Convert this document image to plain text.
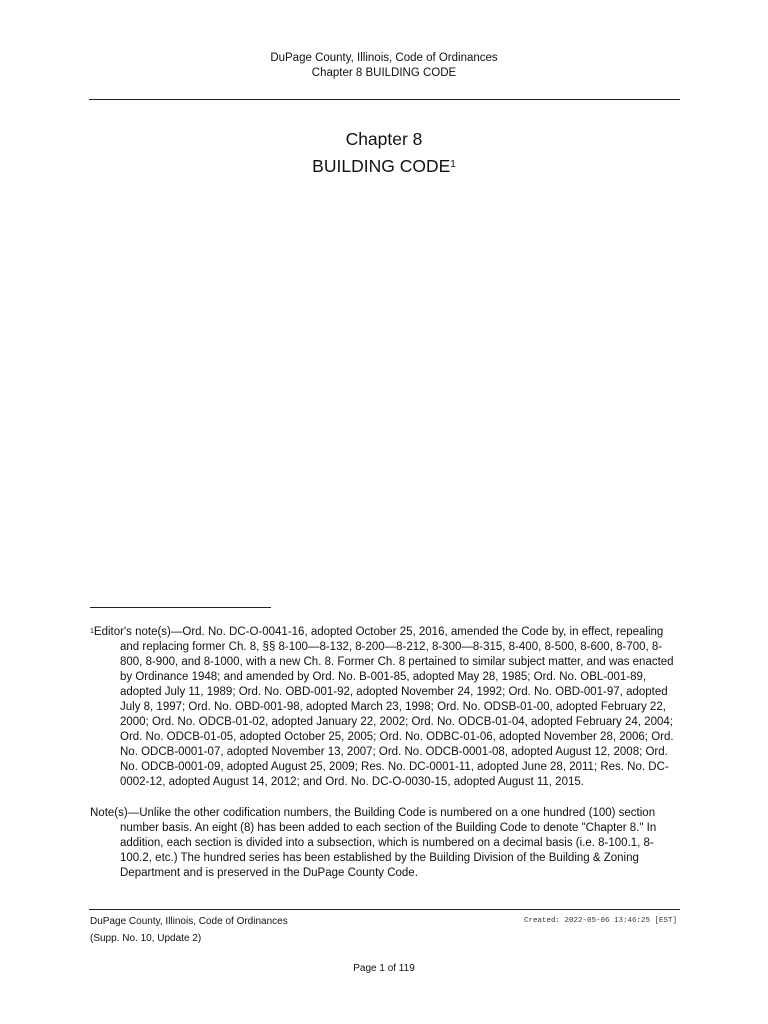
DuPage County, Illinois, Code of Ordinances
Chapter 8 BUILDING CODE
Chapter 8
BUILDING CODE$^1$

$^1$Editor's note(s)—Ord. No. DC-O-0041-16, adopted October 25, 2016, amended the Code by, in effect, repealing and replacing former Ch. 8, §§ 8-100—8-132, 8-200—8-212, 8-300—8-315, 8-400, 8-500, 8-600, 8-700, 8-800, 8-900, and 8-1000, with a new Ch. 8. Former Ch. 8 pertained to similar subject matter, and was enacted by Ordinance 1948; and amended by Ord. No. B-001-85, adopted May 28, 1985; Ord. No. OBL-001-89, adopted July 11, 1989; Ord. No. OBD-001-92, adopted November 24, 1992; Ord. No. OBD-001-97, adopted July 8, 1997; Ord. No. OBD-001-98, adopted March 23, 1998; Ord. No. ODSB-01-00, adopted February 22, 2000; Ord. No. ODCB-01-02, adopted January 22, 2002; Ord. No. ODCB-01-04, adopted February 24, 2004; Ord. No. ODCB-01-05, adopted October 25, 2005; Ord. No. ODBC-01-06, adopted November 28, 2006; Ord. No. ODCB-0001-07, adopted November 13, 2007; Ord. No. ODCB-0001-08, adopted August 12, 2008; Ord. No. ODCB-0001-09, adopted August 25, 2009; Res. No. DC-0001-11, adopted June 28, 2011; Res. No. DC-0002-12, adopted August 14, 2012; and Ord. No. DC-O-0030-15, adopted August 11, 2015.

Note(s)—Unlike the other codification numbers, the Building Code is numbered on a one hundred (100) section number basis. An eight (8) has been added to each section of the Building Code to denote "Chapter 8." In addition, each section is divided into a subsection, which is numbered on a decimal basis (i.e. 8-100.1, 8-100.2, etc.) The hundred series has been established by the Building Division of the Building & Zoning Department and is preserved in the DuPage County Code.

DuPage County, Illinois, Code of Ordinances
(Supp. No. 10, Update 2)
Created: 2022-05-06 13:46:25 [EST]
Page 1 of 119
